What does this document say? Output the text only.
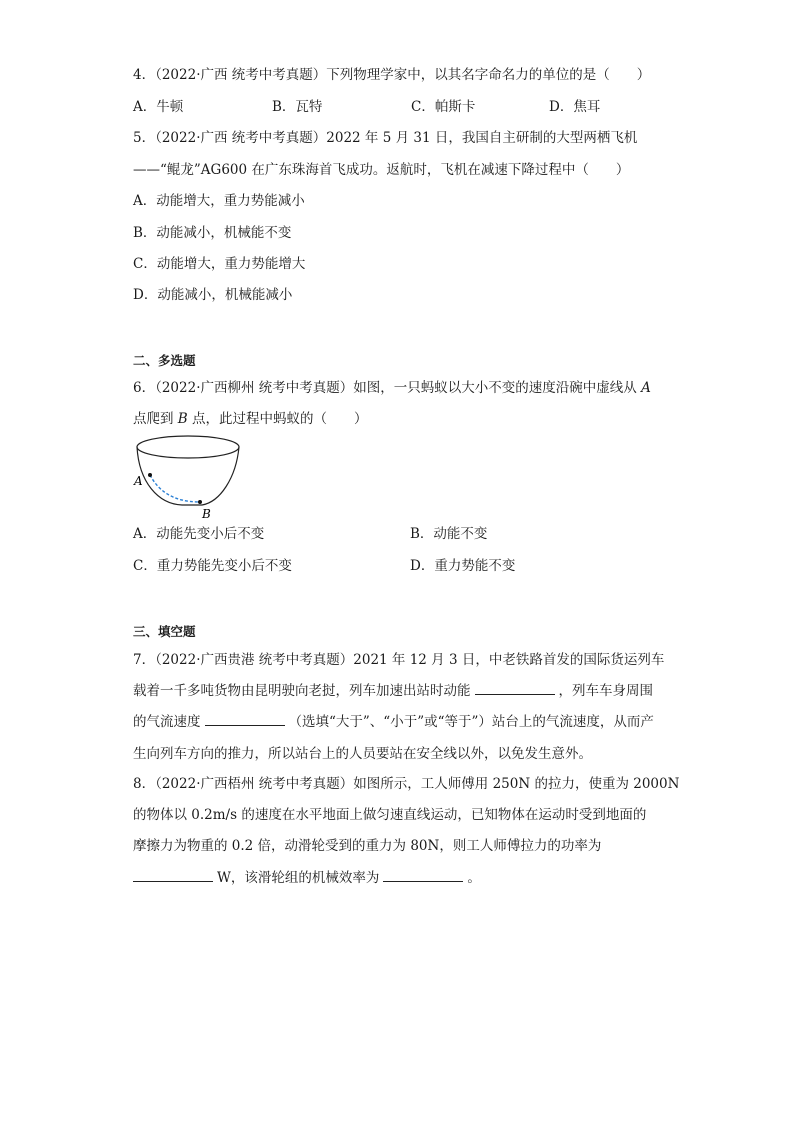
4．（2022·广西 统考中考真题）下列物理学家中，以其名字命名力的单位的是（　　）
A．牛顿	B．瓦特	C．帕斯卡	D．焦耳
5．（2022·广西 统考中考真题）2022 年 5 月 31 日，我国自主研制的大型两栖飞机
——“鲲龙”AG600 在广东珠海首飞成功。返航时，飞机在减速下降过程中（　　）
A．动能增大，重力势能减小
B．动能减小，机械能不变
C．动能增大，重力势能增大
D．动能减小，机械能减小
二、多选题
6．（2022·广西柳州 统考中考真题）如图，一只蚂蚁以大小不变的速度沿碗中虚线从 A
点爬到 B 点，此过程中蚂蚁的（　　）
A
B
A．动能先变小后不变	B．动能不变
C．重力势能先变小后不变	D．重力势能不变
三、填空题
7．（2022·广西贵港 统考中考真题）2021 年 12 月 3 日，中老铁路首发的国际货运列车
载着一千多吨货物由昆明驶向老挝，列车加速出站时动能	，列车车身周围
的气流速度	（选填“大于”、“小于”或“等于”）站台上的气流速度，从而产
生向列车方向的推力，所以站台上的人员要站在安全线以外，以免发生意外。
8．（2022·广西梧州 统考中考真题）如图所示，工人师傅用 250N 的拉力，使重为 2000N
的物体以 0.2m/s 的速度在水平地面上做匀速直线运动，已知物体在运动时受到地面的
摩擦力为物重的 0.2 倍，动滑轮受到的重力为 80N，则工人师傅拉力的功率为
W，该滑轮组的机械效率为	。
